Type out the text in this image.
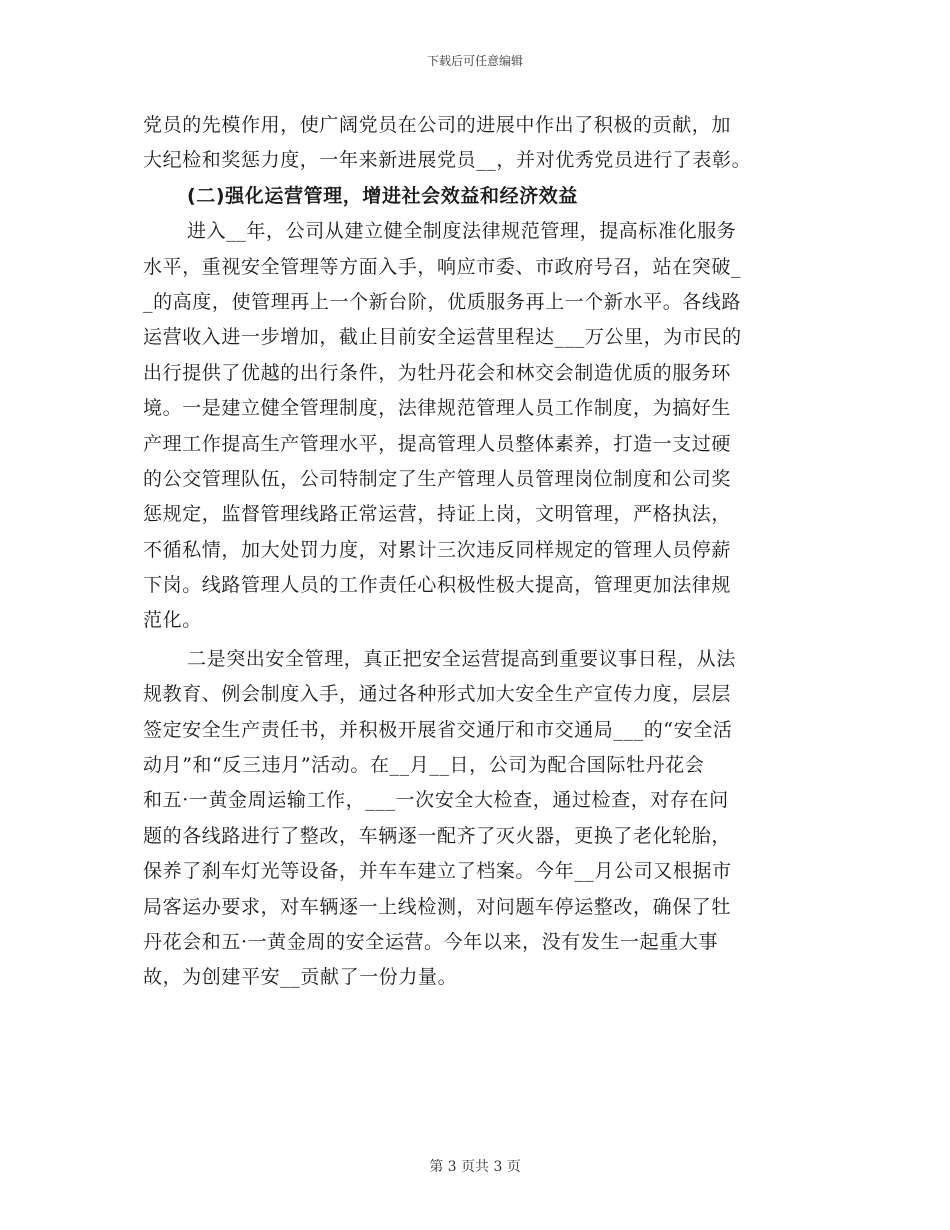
下载后可任意编辑
党员的先模作用，使广阔党员在公司的进展中作出了积极的贡献，加
大纪检和奖惩力度，一年来新进展党员__，并对优秀党员进行了表彰。
(二)强化运营管理，增进社会效益和经济效益
进入__年，公司从建立健全制度法律规范管理，提高标准化服务
水平，重视安全管理等方面入手，响应市委、市政府号召，站在突破_
_的高度，使管理再上一个新台阶，优质服务再上一个新水平。各线路
运营收入进一步增加，截止目前安全运营里程达___万公里，为市民的
出行提供了优越的出行条件，为牡丹花会和林交会制造优质的服务环
境。一是建立健全管理制度，法律规范管理人员工作制度，为搞好生
产理工作提高生产管理水平，提高管理人员整体素养，打造一支过硬
的公交管理队伍，公司特制定了生产管理人员管理岗位制度和公司奖
惩规定，监督管理线路正常运营，持证上岗，文明管理，严格执法，
不循私情，加大处罚力度，对累计三次违反同样规定的管理人员停薪
下岗。线路管理人员的工作责任心积极性极大提高，管理更加法律规
范化。
二是突出安全管理，真正把安全运营提高到重要议事日程，从法
规教育、例会制度入手，通过各种形式加大安全生产宣传力度，层层
签定安全生产责任书，并积极开展省交通厅和市交通局___的“安全活
动月”和“反三违月”活动。在__月__日，公司为配合国际牡丹花会
和五·一黄金周运输工作，___一次安全大检查，通过检查，对存在问
题的各线路进行了整改，车辆逐一配齐了灭火器，更换了老化轮胎，
保养了刹车灯光等设备，并车车建立了档案。今年__月公司又根据市
局客运办要求，对车辆逐一上线检测，对问题车停运整改，确保了牡
丹花会和五·一黄金周的安全运营。今年以来，没有发生一起重大事
故，为创建平安__贡献了一份力量。
第 3 页共 3 页
